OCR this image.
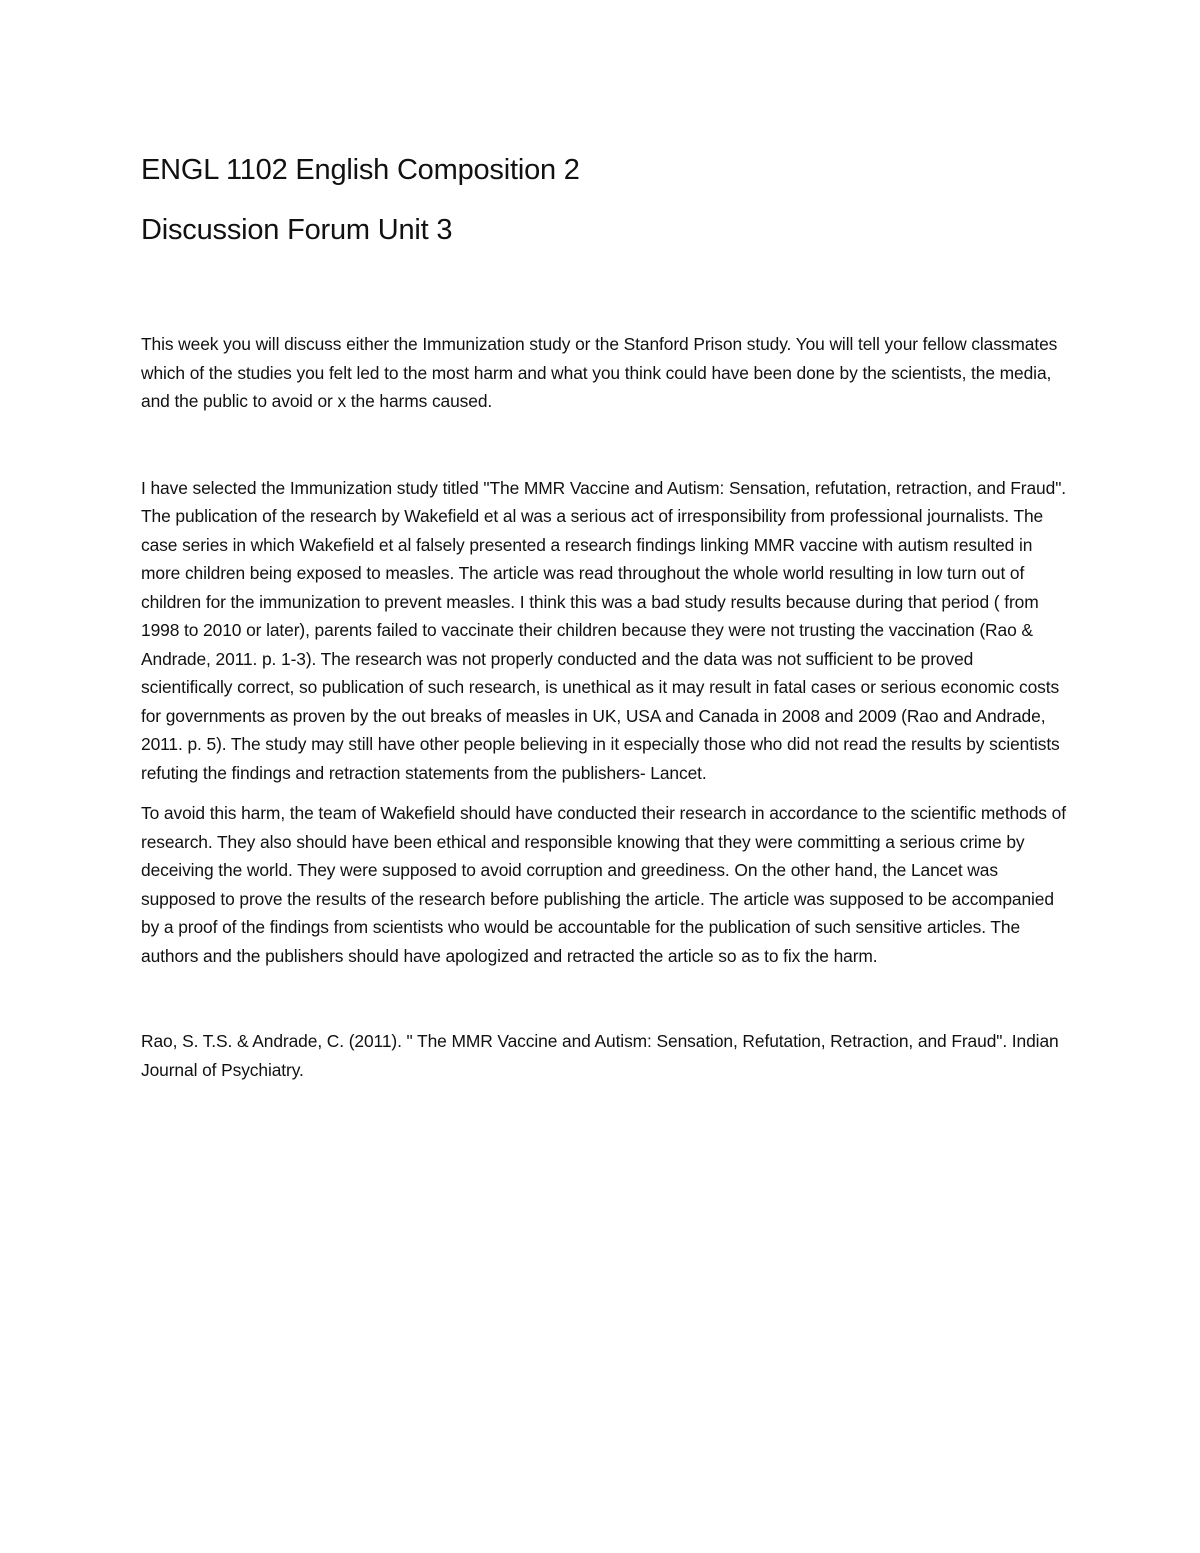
ENGL 1102 English Composition 2

Discussion Forum Unit 3

This week you will discuss either the Immunization study or the Stanford Prison study. You will tell your fellow classmates which of the studies you felt led to the most harm and what you think could have been done by the scientists, the media, and the public to avoid or x the harms caused.

I have selected the Immunization study titled "The MMR Vaccine and Autism: Sensation, refutation, retraction, and Fraud". The publication of the research by Wakefield et al was a serious act of irresponsibility from professional journalists. The case series in which Wakefield et al falsely presented a research findings linking MMR vaccine with autism resulted in more children being exposed to measles. The article was read throughout the whole world resulting in low turn out of children for the immunization to prevent measles. I think this was a bad study results because during that period ( from 1998 to 2010 or later), parents failed to vaccinate their children because they were not trusting the vaccination (Rao & Andrade, 2011. p. 1-3). The research was not properly conducted and the data was not sufficient to be proved scientifically correct, so publication of such research, is unethical as it may result in fatal cases or serious economic costs for governments as proven by the out breaks of measles in UK, USA and Canada in 2008 and 2009 (Rao and Andrade, 2011. p. 5). The study may still have other people believing in it especially those who did not read the results by scientists refuting the findings and retraction statements from the publishers- Lancet.

To avoid this harm, the team of Wakefield should have conducted their research in accordance to the scientific methods of research. They also should have been ethical and responsible knowing that they were committing a serious crime by deceiving the world. They were supposed to avoid corruption and greediness. On the other hand, the Lancet was supposed to prove the results of the research before publishing the article. The article was supposed to be accompanied by a proof of the findings from scientists who would be accountable for the publication of such sensitive articles. The authors and the publishers should have apologized and retracted the article so as to fix the harm.

Rao, S. T.S. & Andrade, C. (2011). " The MMR Vaccine and Autism: Sensation, Refutation, Retraction, and Fraud". Indian Journal of Psychiatry.
